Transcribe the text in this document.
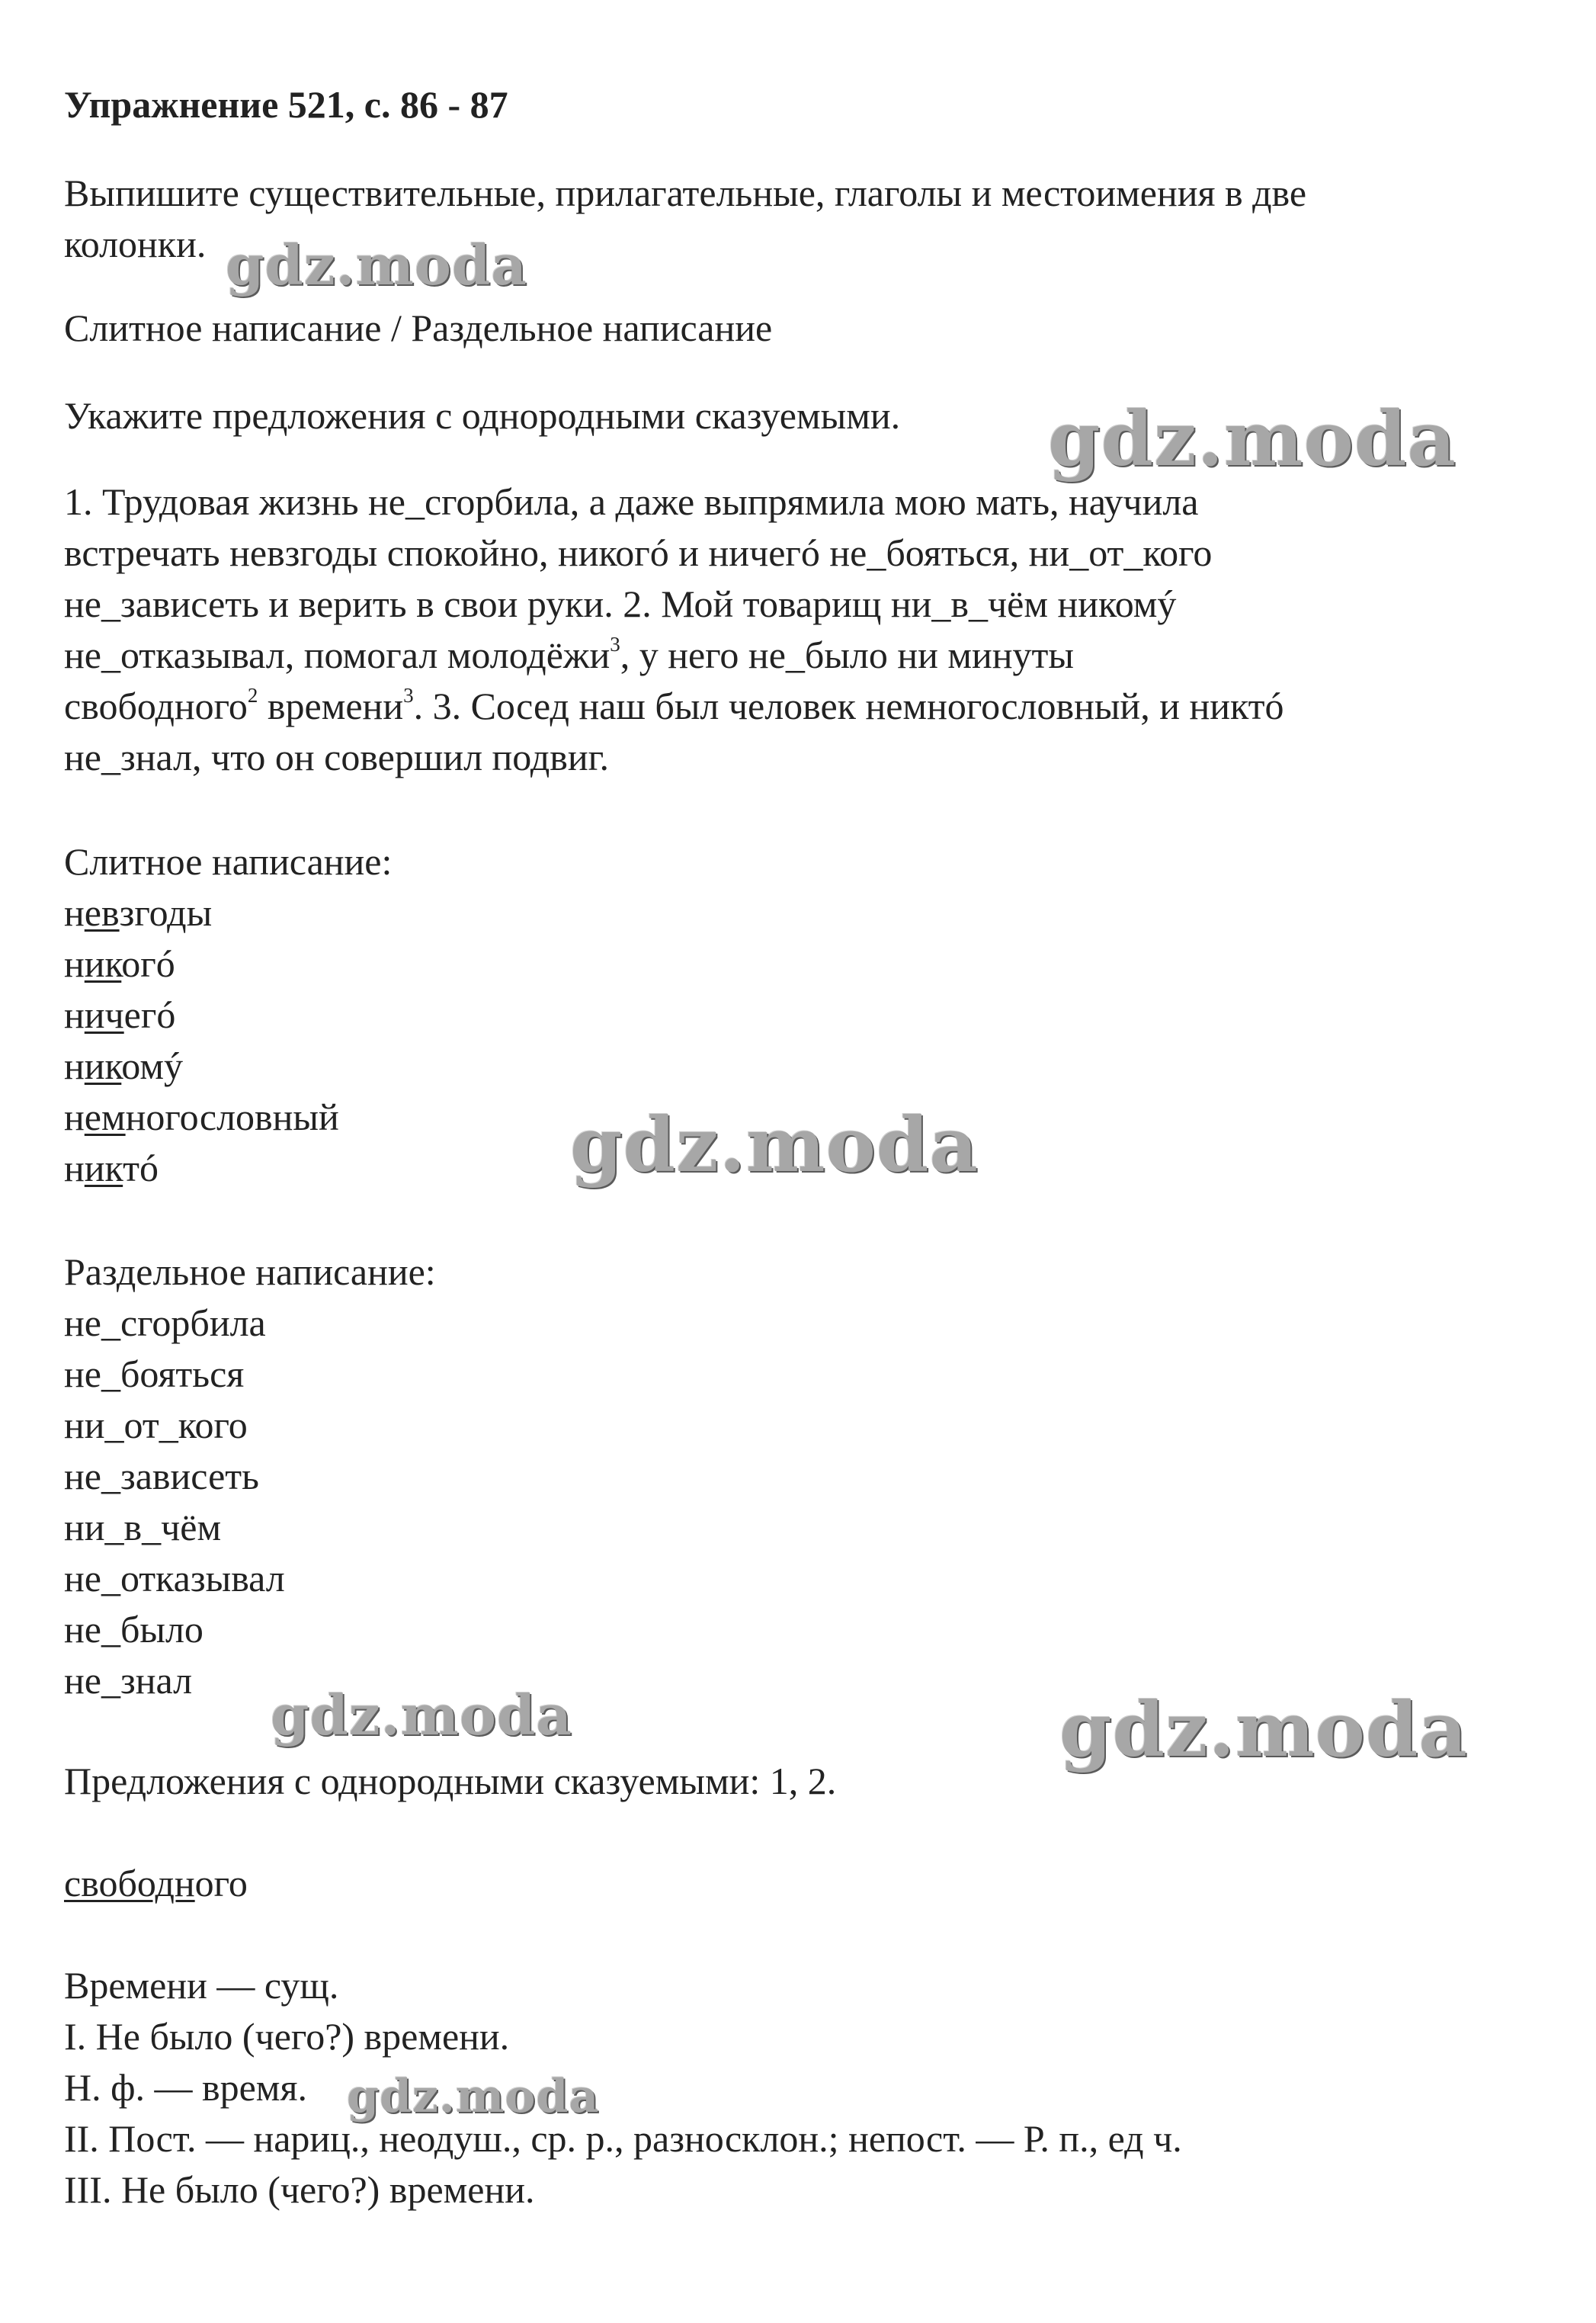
Упражнение 521, с. 86 - 87

Выпишите существительные, прилагательные, глаголы и местоимения в две

колонки.

Слитное написание / Раздельное написание

Укажите предложения с однородными сказуемыми.

1. Трудовая жизнь не_сгорбила, а даже выпрямила мою мать, научила

встречать невзгоды спокойно, никогó и ничегó не_бояться, ни_от_кого

не_зависеть и верить в свои руки. 2. Мой товарищ ни_в_чём никомý

не_отказывал, помогал молодёжи$^3$, у него не_было ни минуты

свободного$^2$ времени$^3$. 3. Сосед наш был человек немногословный, и никтó

не_знал, что он совершил подвиг.

Слитное написание:

невзгоды

никогó

ничегó

никомý

немногословный

никтó

Раздельное написание:

не_сгорбила

не_бояться

ни_от_кого

не_зависеть

ни_в_чём

не_отказывал

не_было

не_знал

Предложения с однородными сказуемыми: 1, 2.

свободного

Времени — сущ.

I. Не было (чего?) времени.

Н. ф. — время.

II. Пост. — нариц., неодуш., ср. р., разносклон.; непост. — Р. п., ед ч.

III. Не было (чего?) времени.

gdz.moda

gdz.moda

gdz.moda

gdz.moda	gdz.moda

gdz.moda
